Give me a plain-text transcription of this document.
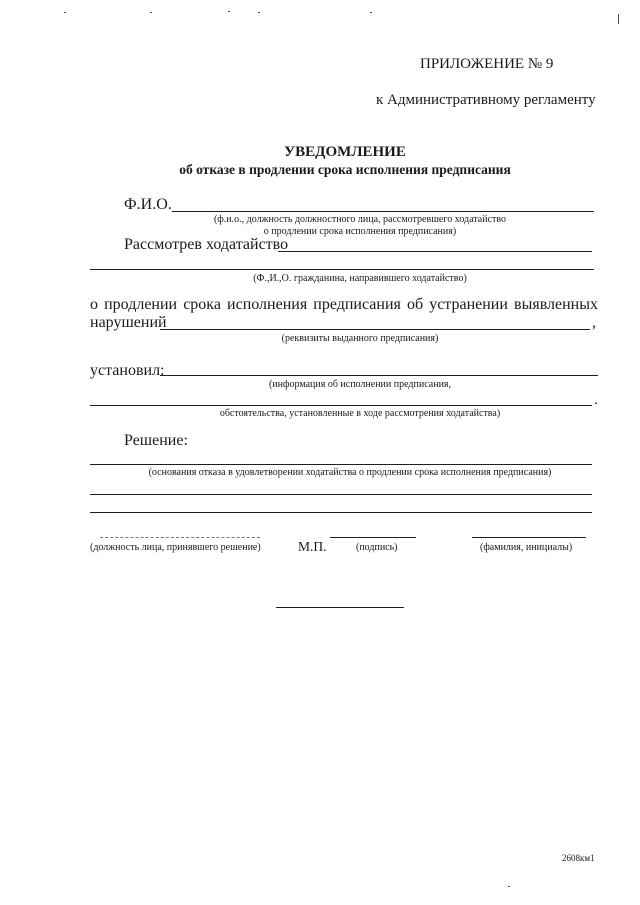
ПРИЛОЖЕНИЕ № 9
к Административному регламенту
УВЕДОМЛЕНИЕ
об отказе в продлении срока исполнения предписания
Ф.И.О.
(ф.и.о., должность должностного лица, рассмотревшего ходатайство
о продлении срока исполнения предписания)
Рассмотрев ходатайство
(Ф.,И.,О. гражданина, направившего ходатайство)
о продлении срока исполнения предписания об устранении выявленных
нарушений	,
(реквизиты выданного предписания)
установил:
(информация об исполнении предписания,
.
обстоятельства, установленные в ходе рассмотрения ходатайства)
Решение:
(основания отказа в удовлетворении ходатайства о продлении срока исполнения предписания)
(должность лица, принявшего решение)	М.П.	(подпись)	(фамилия, инициалы)
2608км1
